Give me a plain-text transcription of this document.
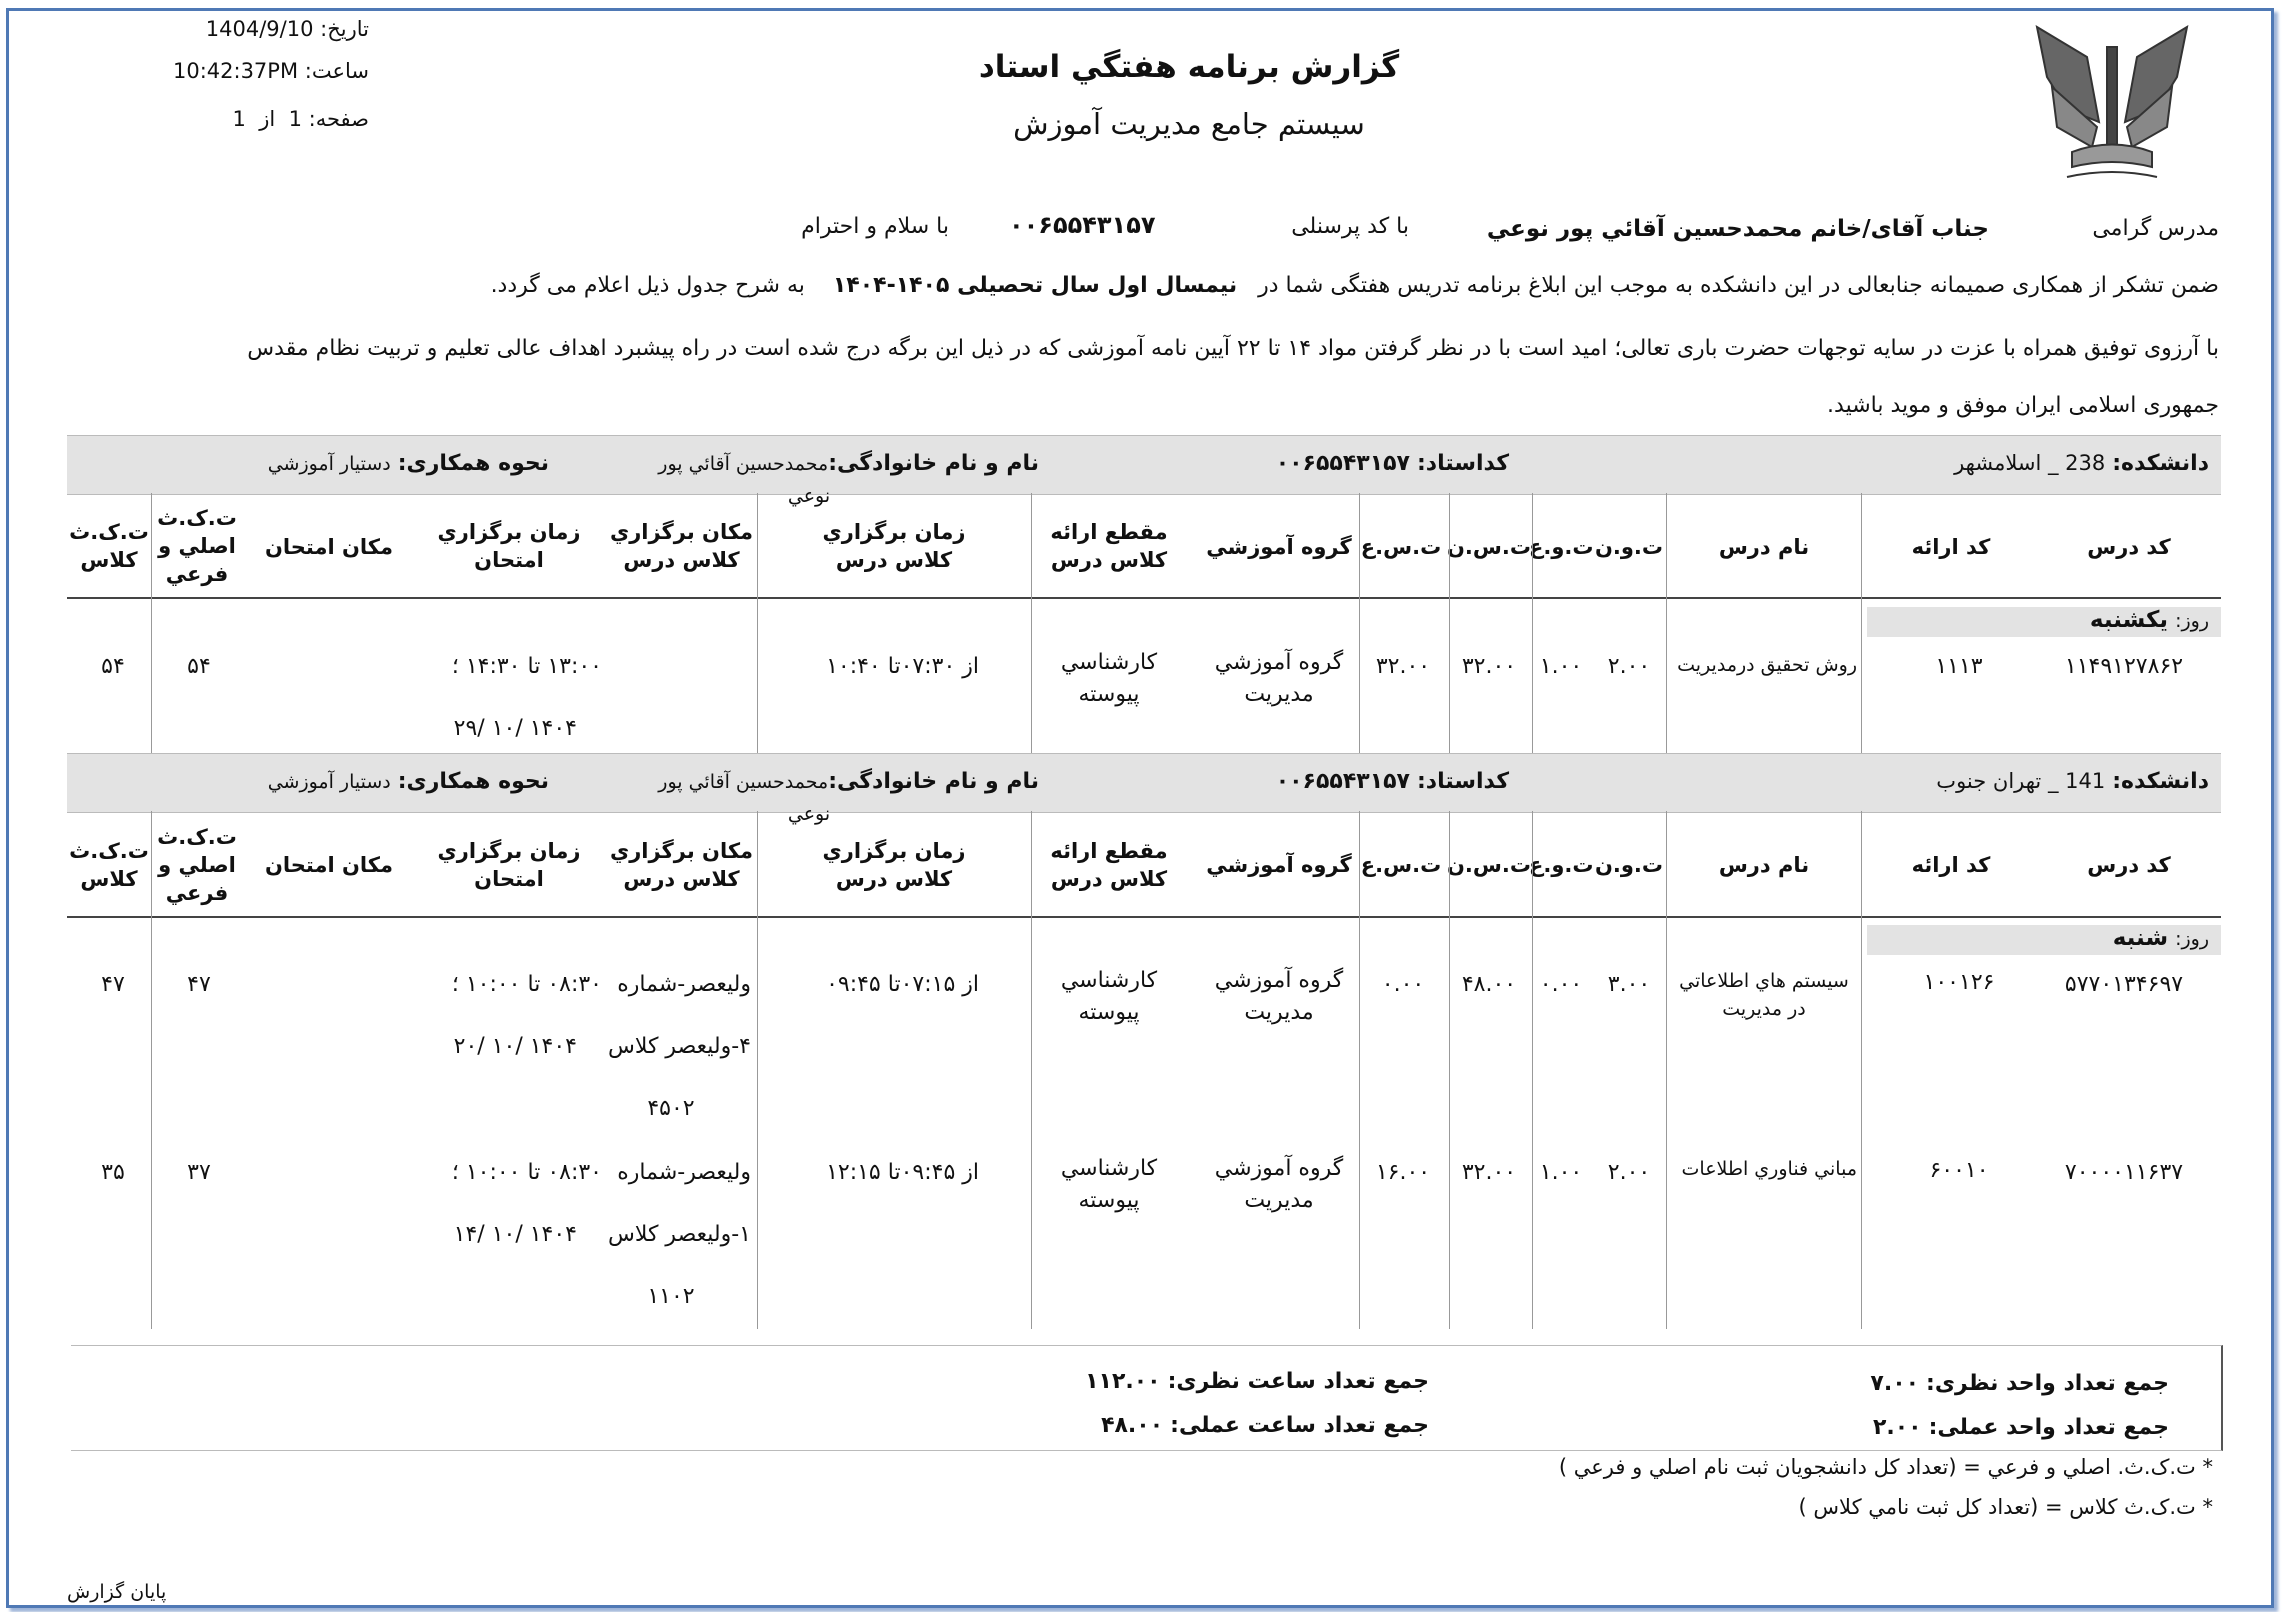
تاريخ: 1404/9/10
ساعت: 10:42:37PM
صفحه: 1  از  1
گزارش برنامه هفتگي استاد
سيستم جامع مديريت آموزش
مدرس گرامی
جناب آقای/خانم محمدحسین آقائي پور نوعي
با کد پرسنلی
۰۰۶۵۵۴۳۱۵۷
با سلام و احترام
ضمن تشکر از همکاری صمیمانه جنابعالی در این دانشکده به موجب این ابلاغ برنامه تدریس هفتگی شما در   نیمسال اول سال تحصیلی ۱۴۰۵-۱۴۰۴    به شرح جدول ذیل اعلام می گردد.
با آرزوی توفیق همراه با عزت در سایه توجهات حضرت باری تعالی؛ امید است با در نظر گرفتن مواد ۱۴ تا ۲۲ آیین نامه آموزشی که در ذیل این برگه درج شده است در راه پیشبرد اهداف عالی تعلیم و تربیت نظام مقدس
جمهوری اسلامی ایران موفق و موید باشید.
دانشکده: 238 _ اسلامشهر
کداستاد: ۰۰۶۵۵۴۳۱۵۷
نام و نام خانوادگی:محمدحسین آقائي پور
نوعي
نحوه همکاری: دستيار آموزشي
کد درس
کد ارائه
نام درس
ت.و.ن
ت.و.ع
ت.س.ن
ت.س.ع
گروه آموزشي
مقطع ارائه كلاس درس
زمان برگزاري كلاس درس
مكان برگزاري كلاس درس
زمان برگزاري امتحان
مكان امتحان
ت.ک.ث اصلي و فرعي
ت.ک.ث کلاس
روز: یکشنبه
۱۱۴۹۱۲۷۸۶۲
۱۱۱۳
روش تحقيق درمديريت
۲.۰۰
۱.۰۰
۳۲.۰۰
۳۲.۰۰
گروه آموزشي
مديريت
کارشناسي
پيوسته
از ۰۷:۳۰تا ۱۰:۴۰
۱۳:۰۰ تا ۱۴:۳۰ ؛
۱۴۰۴ /۱۰ /۲۹
۵۴
۵۴
دانشکده: 141 _ تهران جنوب
کداستاد: ۰۰۶۵۵۴۳۱۵۷
نام و نام خانوادگی:محمدحسین آقائي پور
نوعي
نحوه همکاری: دستيار آموزشي
کد درس
کد ارائه
نام درس
ت.و.ن
ت.و.ع
ت.س.ن
ت.س.ع
گروه آموزشي
مقطع ارائه كلاس درس
زمان برگزاري كلاس درس
مكان برگزاري كلاس درس
زمان برگزاري امتحان
مكان امتحان
ت.ک.ث اصلي و فرعي
ت.ک.ث کلاس
روز: شنبه
۵۷۷۰۱۳۴۶۹۷
۱۰۰۱۲۶
سيستم هاي اطلاعاتي در مديريت
۳.۰۰
۰.۰۰
۴۸.۰۰
۰.۰۰
گروه آموزشي
مديريت
کارشناسي
پيوسته
از ۰۷:۱۵تا ۰۹:۴۵
وليعصر-شماره
۴-وليعصر کلاس
۴۵۰۲
۰۸:۳۰ تا ۱۰:۰۰ ؛
۱۴۰۴ /۱۰ /۲۰
۴۷
۴۷
۷۰۰۰۰۱۱۶۳۷
۶۰۰۱۰
مباني فناوري اطلاعات
۲.۰۰
۱.۰۰
۳۲.۰۰
۱۶.۰۰
گروه آموزشي
مديريت
کارشناسي
پيوسته
از ۰۹:۴۵تا ۱۲:۱۵
وليعصر-شماره
۱-وليعصر کلاس
۱۱۰۲
۰۸:۳۰ تا ۱۰:۰۰ ؛
۱۴۰۴ /۱۰ /۱۴
۳۷
۳۵
جمع تعداد واحد نظری: ۷.۰۰
جمع تعداد واحد عملی: ۲.۰۰
جمع تعداد ساعت نظری: ۱۱۲.۰۰
جمع تعداد ساعت عملی: ۴۸.۰۰
* ت.ک.ث. اصلي و فرعي = (تعداد کل دانشجويان ثبت نام اصلي و فرعي )
* ت.ک.ث کلاس = (تعداد کل ثبت نامي کلاس )
پایان گزارش
